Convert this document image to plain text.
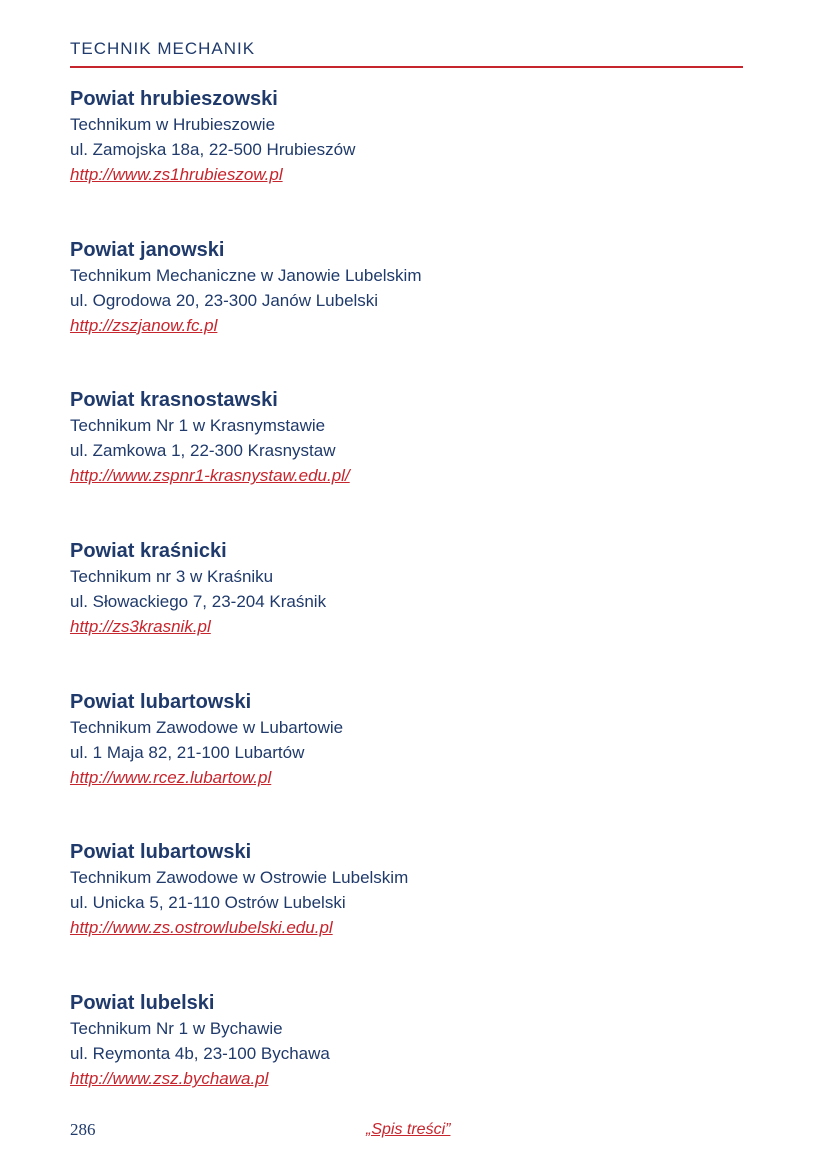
TECHNIK MECHANIK
Powiat hrubieszowski
Technikum w Hrubieszowie
ul. Zamojska 18a, 22-500 Hrubieszów
http://www.zs1hrubieszow.pl
Powiat janowski
Technikum Mechaniczne w Janowie Lubelskim
ul. Ogrodowa 20, 23-300 Janów Lubelski
http://zszjanow.fc.pl
Powiat krasnostawski
Technikum Nr 1 w Krasnymstawie
ul. Zamkowa 1, 22-300 Krasnystaw
http://www.zspnr1-krasnystaw.edu.pl/
Powiat kraśnicki
Technikum nr 3 w Kraśniku
ul. Słowackiego 7, 23-204 Kraśnik
http://zs3krasnik.pl
Powiat lubartowski
Technikum Zawodowe w Lubartowie
ul. 1 Maja 82, 21-100 Lubartów
http://www.rcez.lubartow.pl
Powiat lubartowski
Technikum Zawodowe w Ostrowie Lubelskim
ul. Unicka 5, 21-110 Ostrów Lubelski
http://www.zs.ostrowlubelski.edu.pl
Powiat lubelski
Technikum Nr 1 w Bychawie
ul. Reymonta 4b, 23-100 Bychawa
http://www.zsz.bychawa.pl
286	„Spis treści”
